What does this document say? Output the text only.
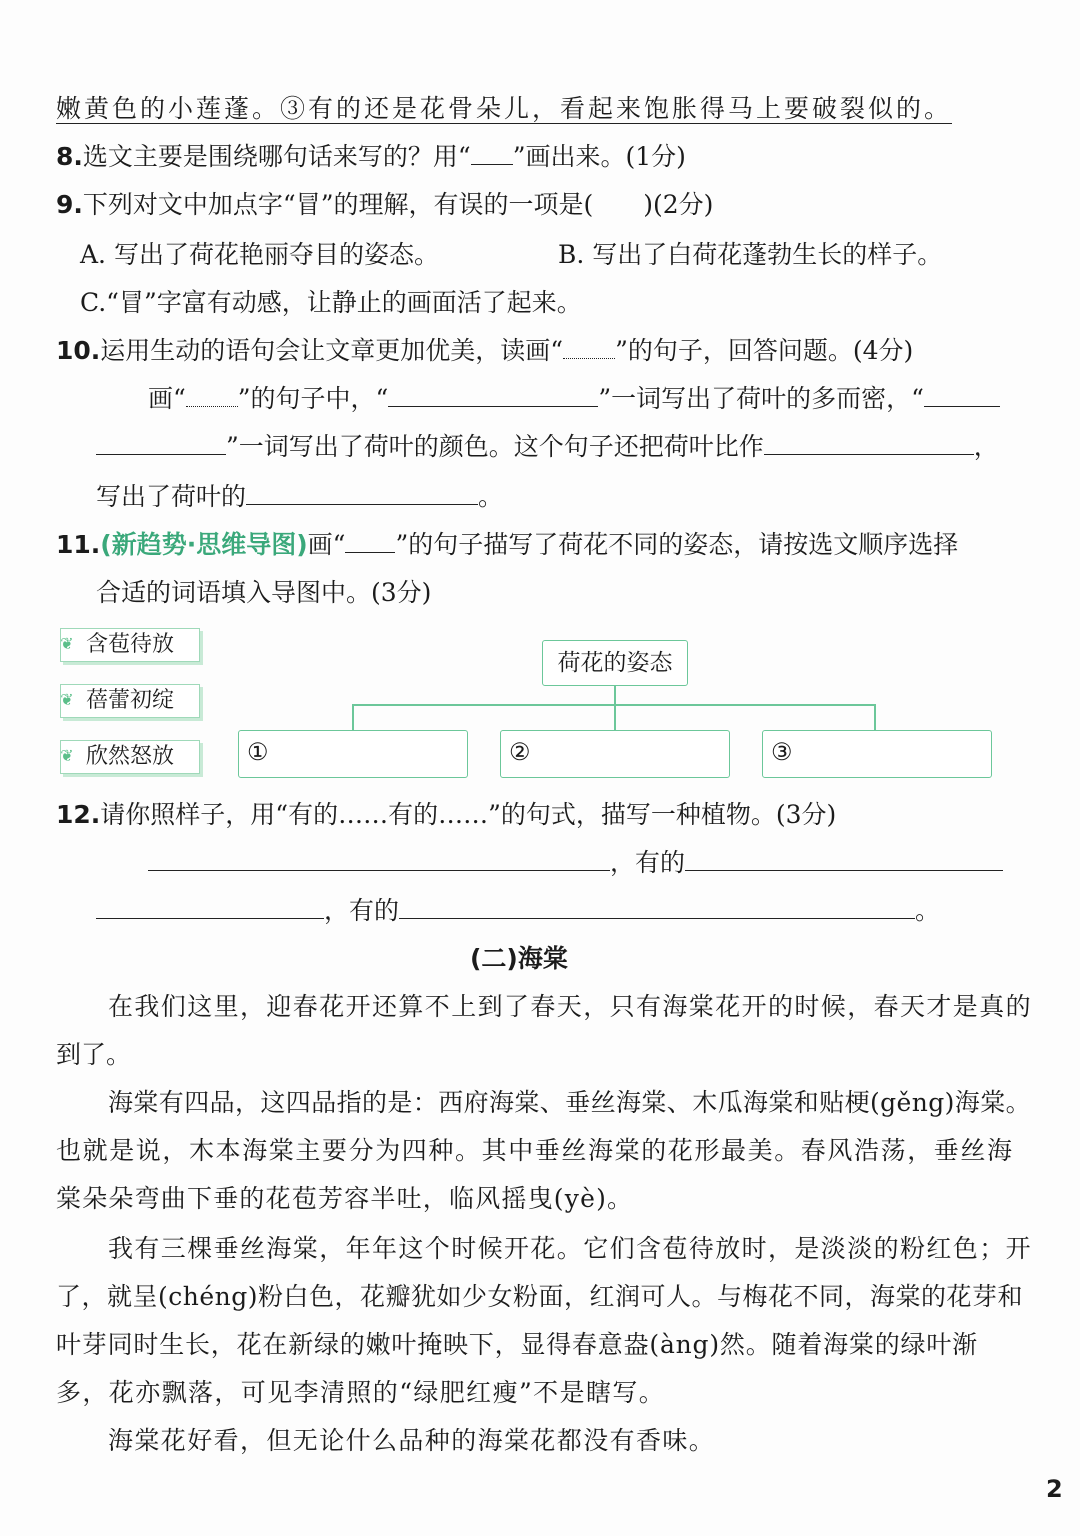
嫩黄色的小莲蓬。③有的还是花骨朵儿，看起来饱胀得马上要破裂似的。
8.选文主要是围绕哪句话来写的？用“ ”画出来。(1分)
9.下列对文中加点字“冒”的理解，有误的一项是( )(2分)
A. 写出了荷花艳丽夺目的姿态。	B. 写出了白荷花蓬勃生长的样子。
C.“冒”字富有动感，让静止的画面活了起来。
10.运用生动的语句会让文章更加优美，读画“ ”的句子，回答问题。(4分)
画“ ”的句子中，“	”一词写出了荷叶的多而密，“
”一词写出了荷叶的颜色。这个句子还把荷叶比作	，
写出了荷叶的	。
11.(新趋势·思维导图)画“ ”的句子描写了荷花不同的姿态，请按选文顺序选择
合适的词语填入导图中。(3分)
❦ 含苞待放
❦ 蓓蕾初绽
❦ 欣然怒放
荷花的姿态
①	②	③
12.请你照样子，用“有的……有的……”的句式，描写一种植物。(3分)
，有的
，有的	。
(二)海棠
在我们这里，迎春花开还算不上到了春天，只有海棠花开的时候，春天才是真的
到了。
海棠有四品，这四品指的是：西府海棠、垂丝海棠、木瓜海棠和贴梗(gěng)海棠。
也就是说，木本海棠主要分为四种。其中垂丝海棠的花形最美。春风浩荡，垂丝海
棠朵朵弯曲下垂的花苞芳容半吐，临风摇曳(yè)。
我有三棵垂丝海棠，年年这个时候开花。它们含苞待放时，是淡淡的粉红色；开
了，就呈(chéng)粉白色，花瓣犹如少女粉面，红润可人。与梅花不同，海棠的花芽和
叶芽同时生长，花在新绿的嫩叶掩映下，显得春意盎(àng)然。随着海棠的绿叶渐
多，花亦飘落，可见李清照的“绿肥红瘦”不是瞎写。
海棠花好看，但无论什么品种的海棠花都没有香味。
2
